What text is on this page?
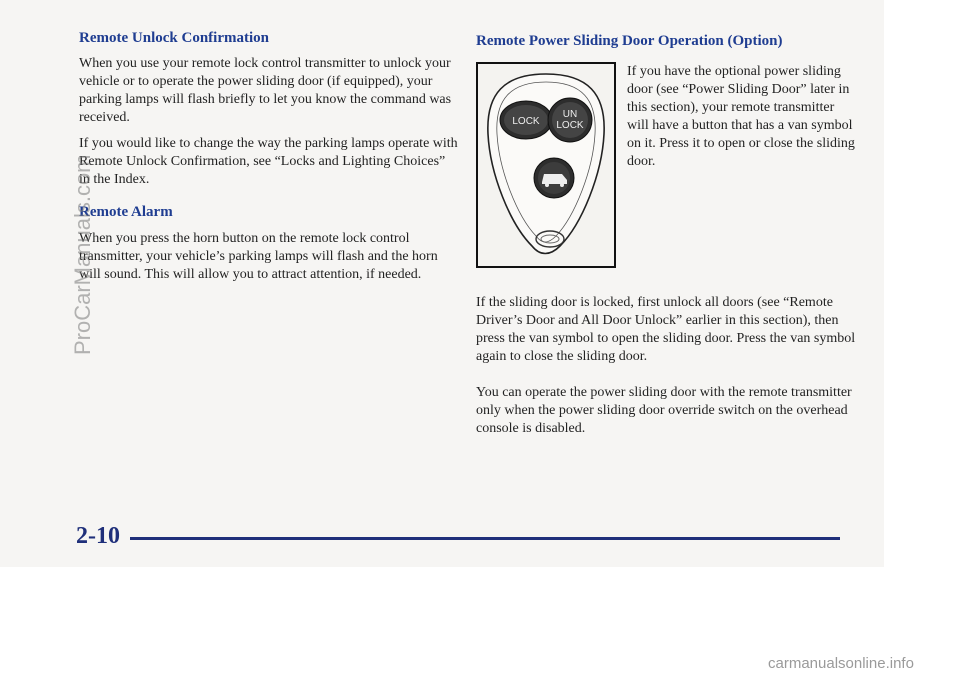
Remote Unlock Confirmation

When you use your remote lock control transmitter to unlock your vehicle or to operate the power sliding door (if equipped), your parking lamps will flash briefly to let you know the command was received.

If you would like to change the way the parking lamps operate with Remote Unlock Confirmation, see “Locks and Lighting Choices” in the Index.

Remote Alarm

When you press the horn button on the remote lock control transmitter, your vehicle’s parking lamps will flash and the horn will sound. This will allow you to attract attention, if needed.

Remote Power Sliding Door Operation (Option)
LOCK
UN
LOCK

If you have the optional power sliding door (see “Power Sliding Door” later in this section), your remote transmitter will have a button that has a van symbol on it. Press it to open or close the sliding door.

If the sliding door is locked, first unlock all doors (see “Remote Driver’s Door and All Door Unlock” earlier in this section), then press the van symbol to open the sliding door. Press the van symbol again to close the sliding door.

You can operate the power sliding door with the remote transmitter only when the power sliding door override switch on the overhead console is disabled.

2-10

ProCarManuals.com
carmanualsonline.info
